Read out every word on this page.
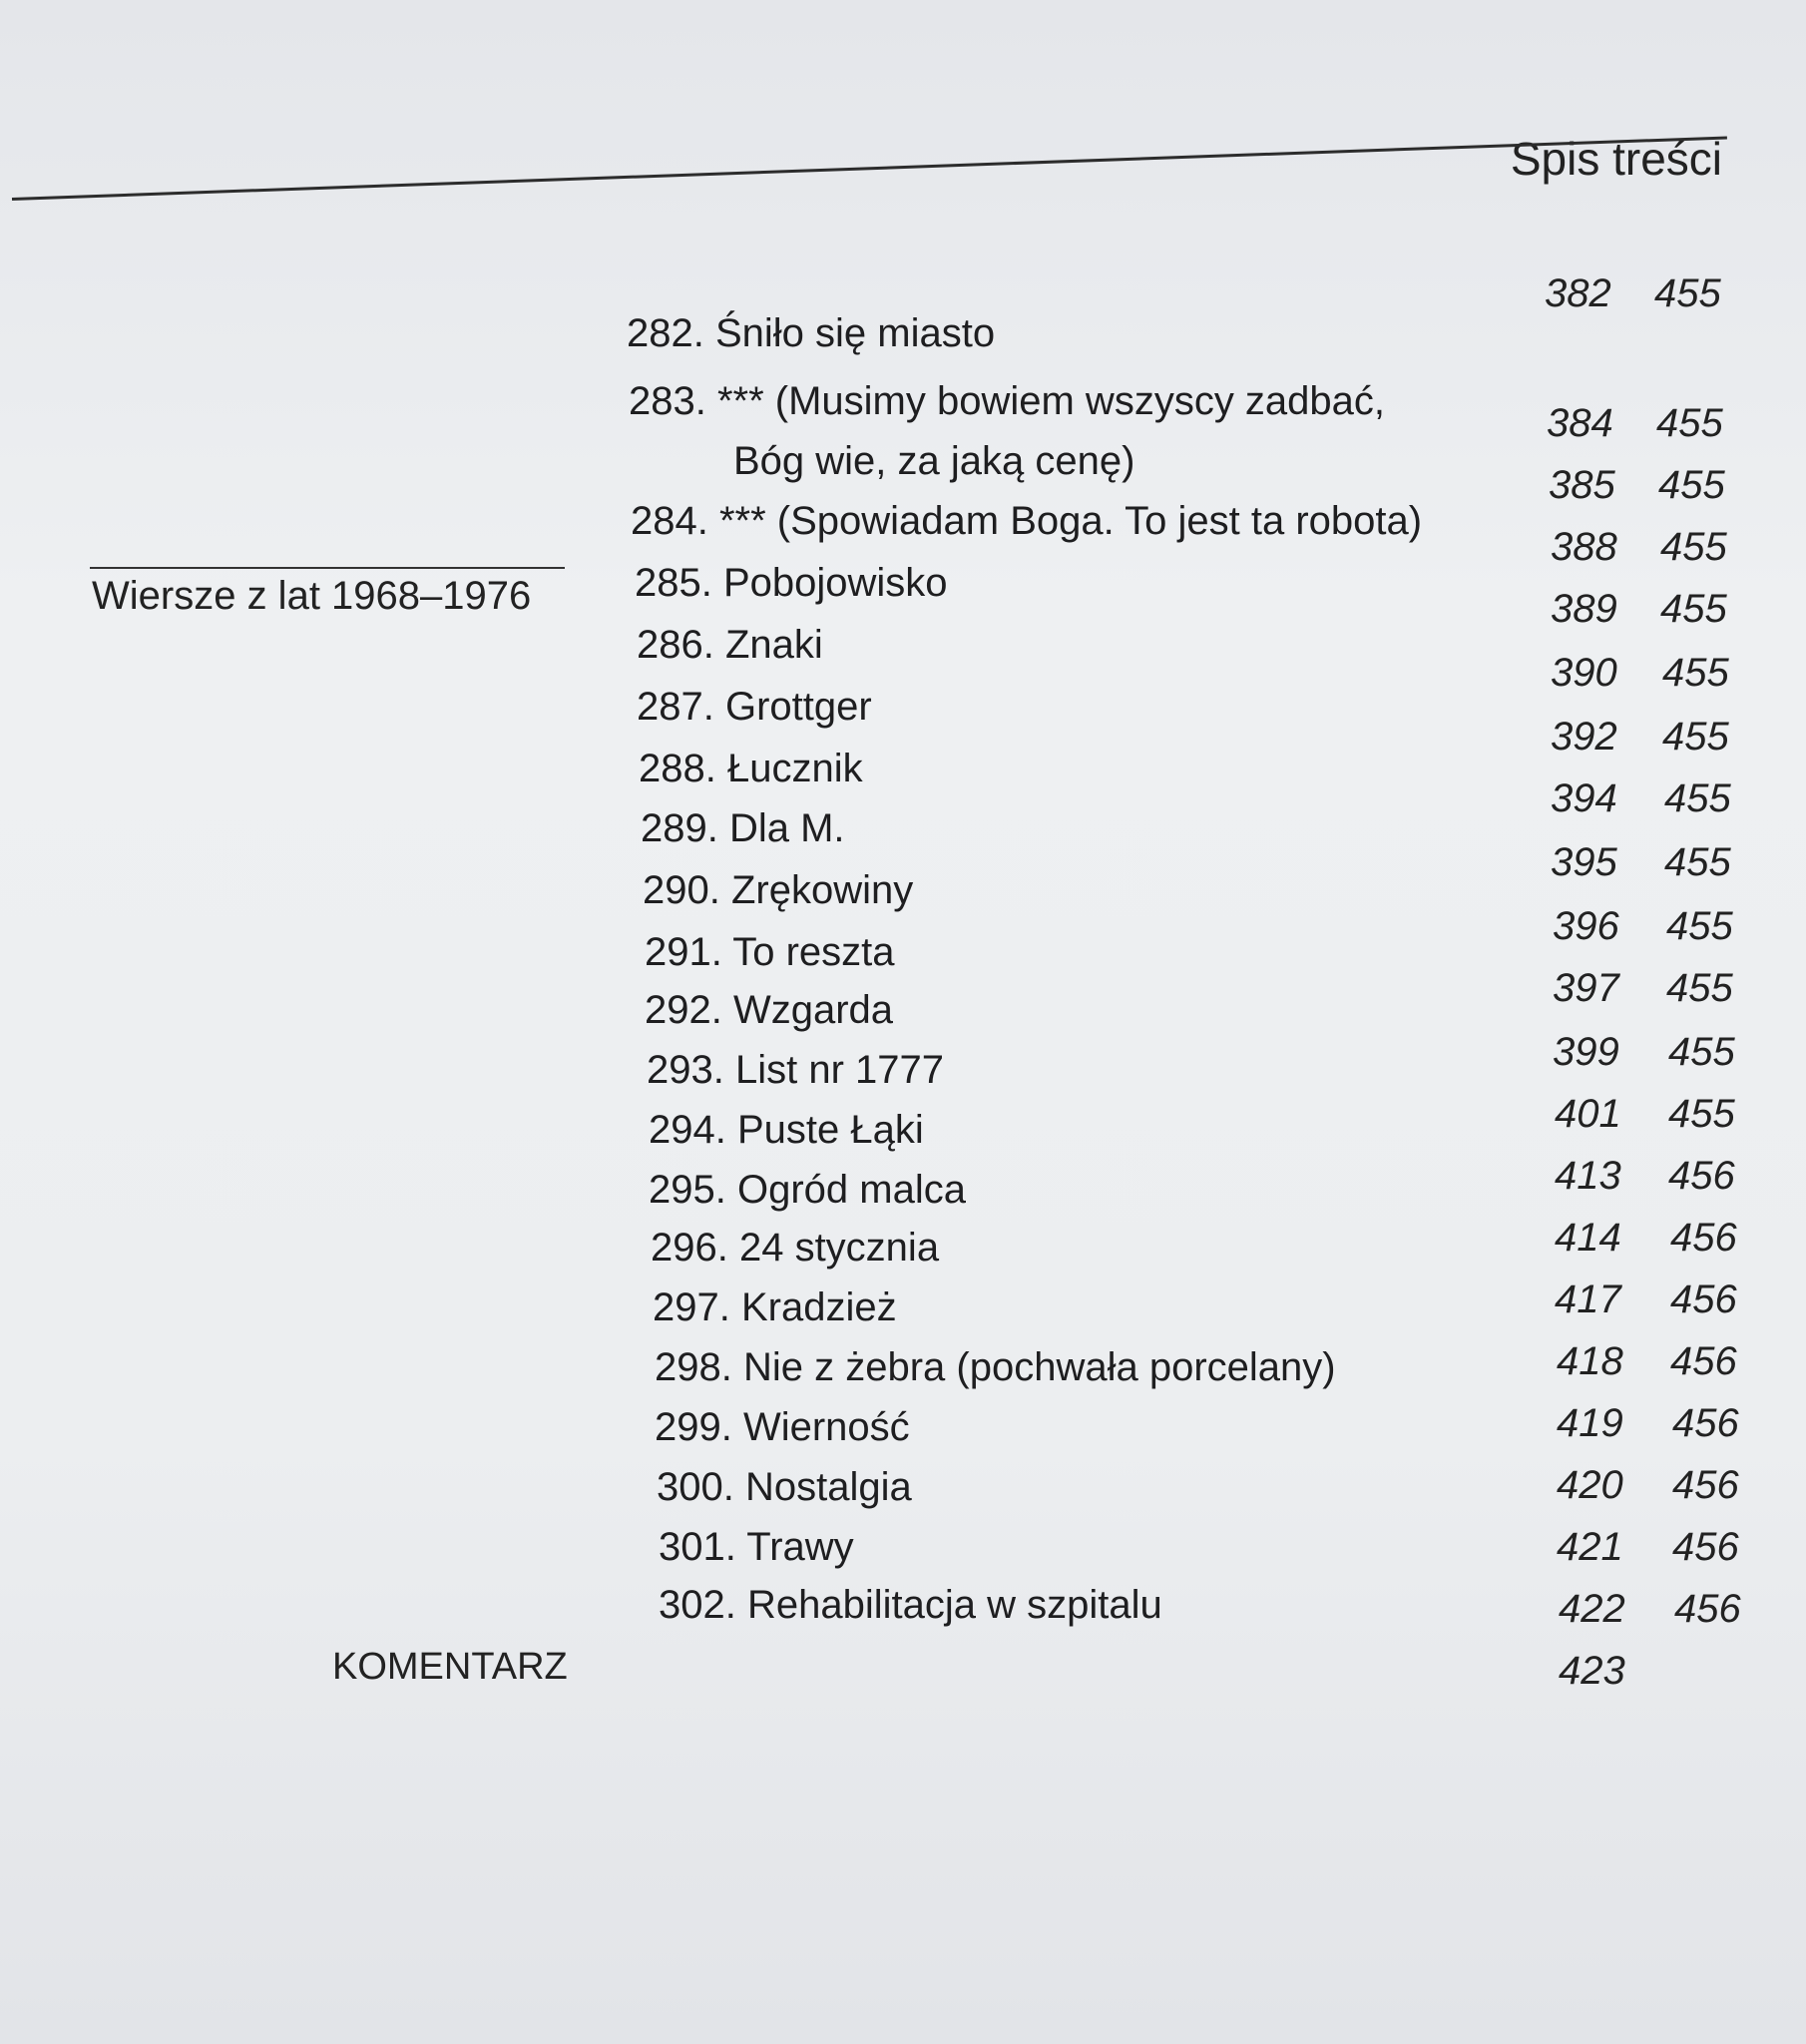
Spis treści
Wiersze z lat 1968–1976
282. Śniło się miasto
283. *** (Musimy bowiem wszyscy zadbać,
Bóg wie, za jaką cenę)
284. *** (Spowiadam Boga. To jest ta robota)
285. Pobojowisko
286. Znaki
287. Grottger
288. Łucznik
289. Dla M.
290. Zrękowiny
291. To reszta
292. Wzgarda
293. List nr 1777
294. Puste Łąki
295. Ogród malca
296. 24 stycznia
297. Kradzież
298. Nie z żebra (pochwała porcelany)
299. Wierność
300. Nostalgia
301. Trawy
302. Rehabilitacja w szpitalu
382 455
384 455
385 455
388 455
389 455
390 455
392 455
394 455
395 455
396 455
397 455
399 455
401 455
413 456
414 456
417 456
418 456
419 456
420 456
421 456
422 456
KOMENTARZ	423
